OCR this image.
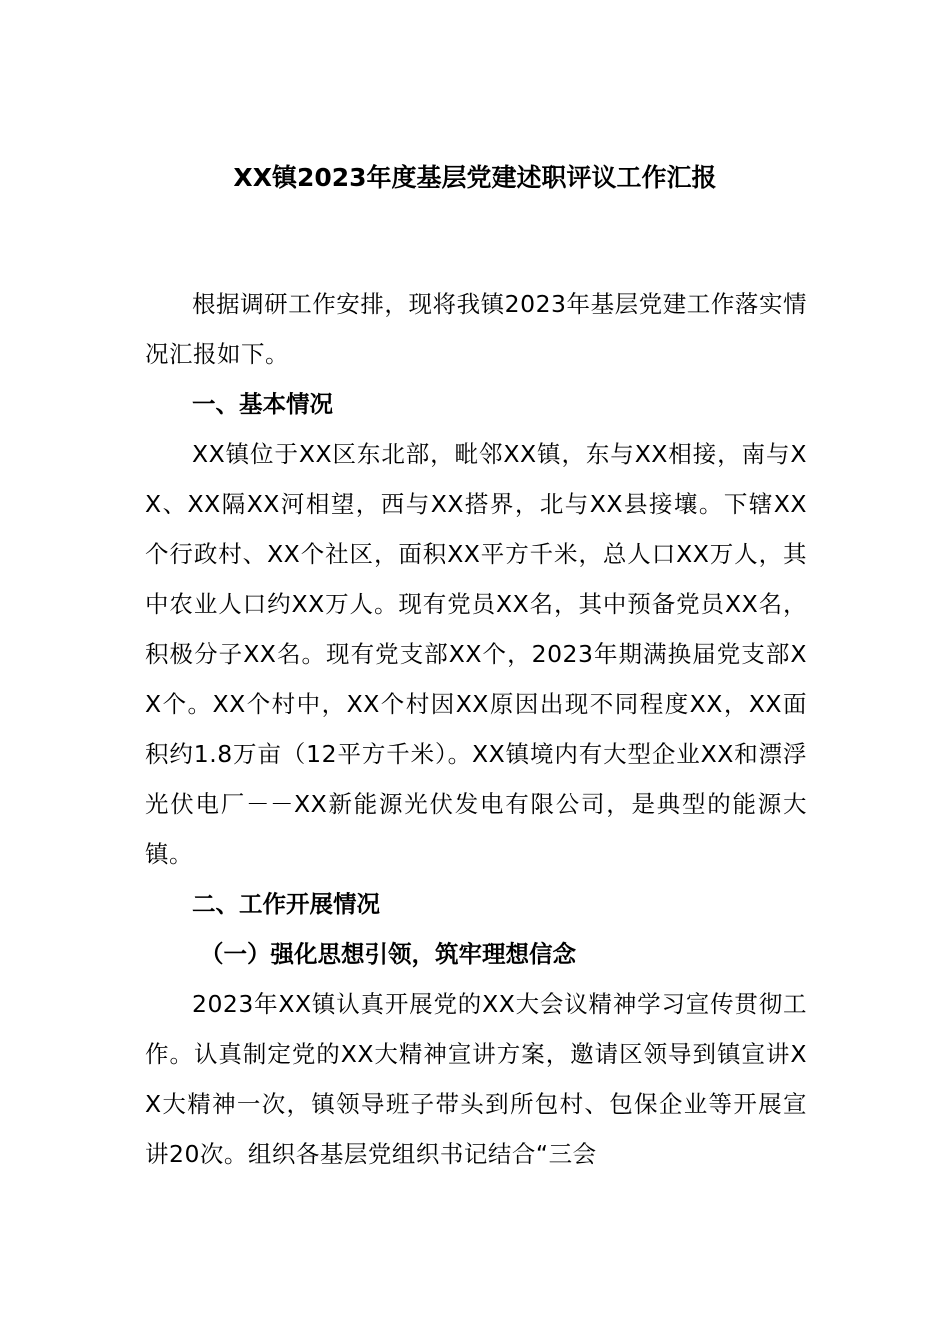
XX镇2023年度基层党建述职评议工作汇报

根据调研工作安排，现将我镇2023年基层党建工作落实情况汇报如下。

一、基本情况

XX镇位于XX区东北部，毗邻XX镇，东与XX相接，南与XX、XX隔XX河相望，西与XX搭界，北与XX县接壤。下辖XX个行政村、XX个社区，面积XX平方千米，总人口XX万人，其中农业人口约XX万人。现有党员XX名，其中预备党员XX名，积极分子XX名。现有党支部XX个，2023年期满换届党支部XX个。XX个村中，XX个村因XX原因出现不同程度XX，XX面积约1.8万亩（12平方千米）。XX镇境内有大型企业XX和漂浮光伏电厂－－XX新能源光伏发电有限公司，是典型的能源大镇。

二、工作开展情况

（一）强化思想引领，筑牢理想信念

2023年XX镇认真开展党的XX大会议精神学习宣传贯彻工作。认真制定党的XX大精神宣讲方案，邀请区领导到镇宣讲XX大精神一次，镇领导班子带头到所包村、包保企业等开展宣讲20次。组织各基层党组织书记结合“三会
